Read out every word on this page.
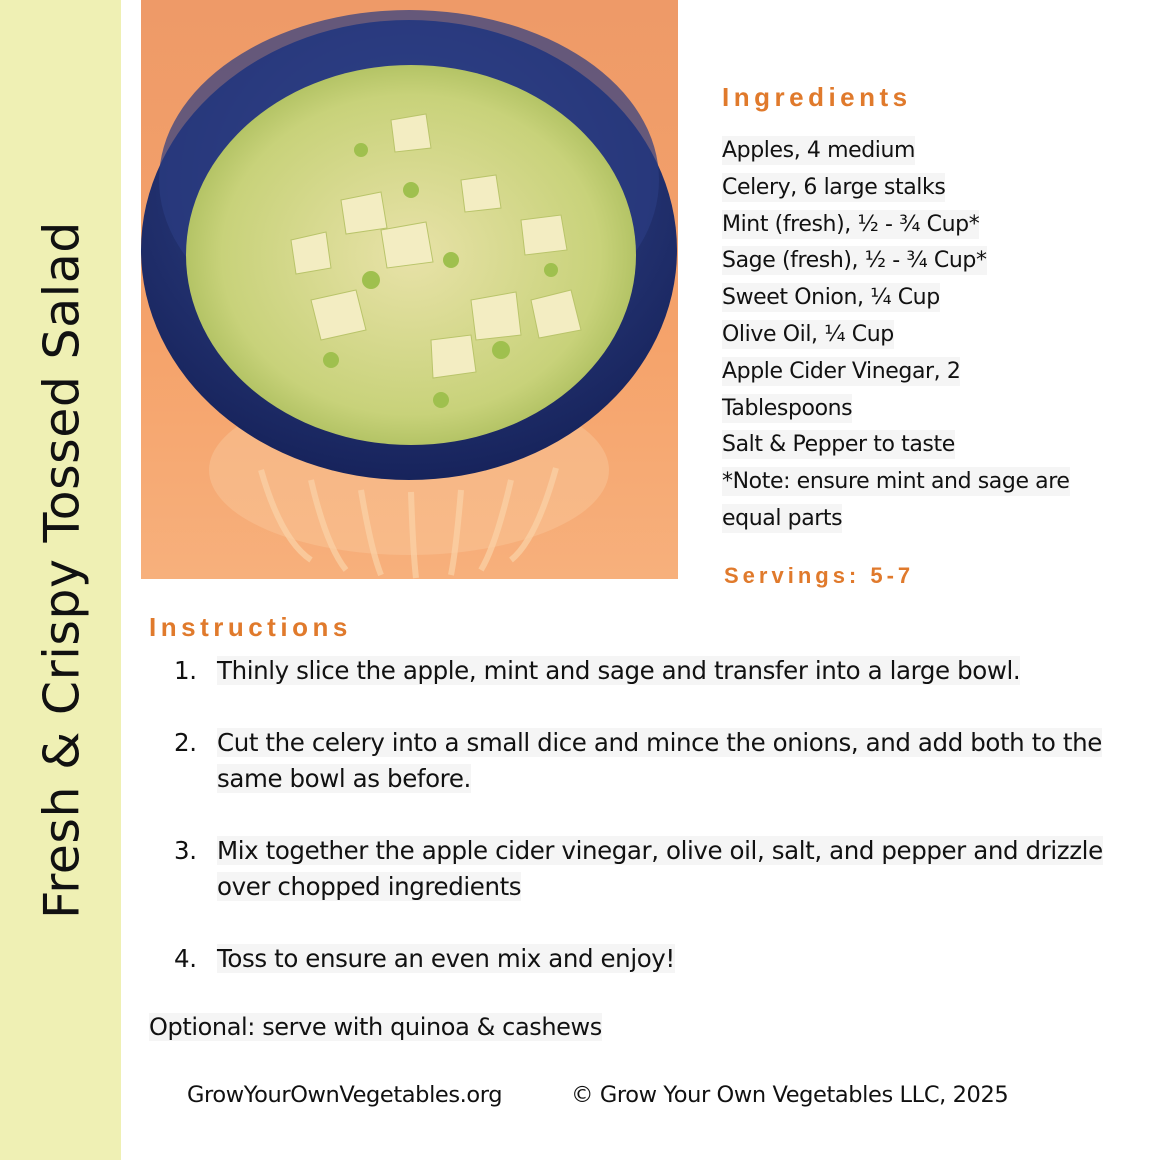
Fresh & Crispy Tossed Salad
Ingredients
Apples, 4 medium
Celery, 6 large stalks
Mint (fresh), ½ - ¾ Cup*
Sage (fresh), ½ - ¾ Cup*
Sweet Onion, ¼ Cup
Olive Oil, ¼ Cup
Apple Cider Vinegar, 2
Tablespoons
Salt & Pepper to taste
*Note: ensure mint and sage are
equal parts
Servings: 5-7
Instructions
1. Thinly slice the apple, mint and sage and transfer into a large bowl.
2. Cut the celery into a small dice and mince the onions, and add both to the same bowl as before.
3. Mix together the apple cider vinegar, olive oil, salt, and pepper and drizzle over chopped ingredients
4. Toss to ensure an even mix and enjoy!
Optional: serve with quinoa & cashews
GrowYourOwnVegetables.org	© Grow Your Own Vegetables LLC, 2025
